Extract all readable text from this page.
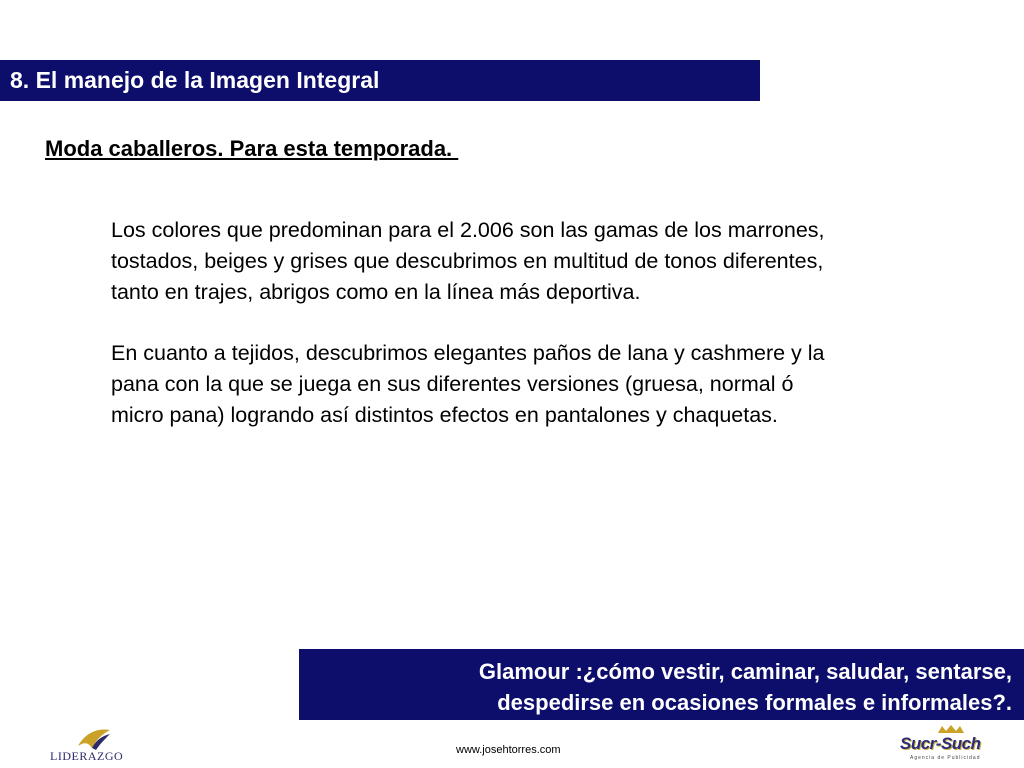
8. El manejo de la Imagen Integral
Moda caballeros. Para esta temporada.

Los colores que predominan para el 2.006 son las gamas de los marrones, tostados, beiges y grises que descubrimos en multitud de tonos diferentes, tanto en trajes, abrigos como en la línea más deportiva.

En cuanto a tejidos, descubrimos elegantes paños de lana y cashmere y la pana con la que se juega en sus diferentes versiones (gruesa, normal ó micro pana) logrando así distintos efectos en pantalones y chaquetas.

Glamour :¿cómo vestir, caminar, saludar, sentarse,
despedirse en ocasiones formales e informales?.
LIDERAZGO	www.josehtorres.com	Sucr-Such
Agencia de Publicidad
